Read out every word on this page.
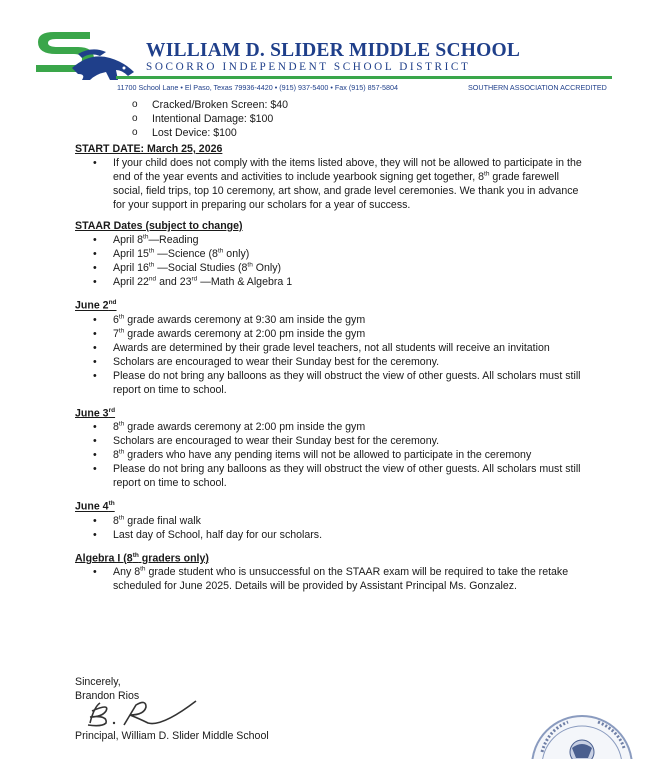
WILLIAM D. SLIDER MIDDLE SCHOOL
SOCORRO INDEPENDENT SCHOOL DISTRICT
11700 School Lane • El Paso, Texas 79936-4420 • (915) 937-5400 • Fax (915) 857-5804	SOUTHERN ASSOCIATION ACCREDITED
o Cracked/Broken Screen: $40
o Intentional Damage: $100
o Lost Device: $100

START DATE: March 25, 2026

• If your child does not comply with the items listed above, they will not be allowed to participate in the end of the year events and activities to include yearbook signing get together, 8th grade farewell social, field trips, top 10 ceremony, art show, and grade level ceremonies. We thank you in advance for your support in preparing our scholars for a year of success.

STAAR Dates (subject to change)

• April 8th—Reading
• April 15th —Science (8th only)
• April 16th —Social Studies (8th Only)
• April 22nd and 23rd —Math & Algebra 1

June 2nd

• 6th grade awards ceremony at 9:30 am inside the gym
• 7th grade awards ceremony at 2:00 pm inside the gym
• Awards are determined by their grade level teachers, not all students will receive an invitation
• Scholars are encouraged to wear their Sunday best for the ceremony.
• Please do not bring any balloons as they will obstruct the view of other guests. All scholars must still report on time to school.

June 3rd

• 8th grade awards ceremony at 2:00 pm inside the gym
• Scholars are encouraged to wear their Sunday best for the ceremony.
• 8th graders who have any pending items will not be allowed to participate in the ceremony
• Please do not bring any balloons as they will obstruct the view of other guests. All scholars must still report on time to school.

June 4th

• 8th grade final walk
• Last day of School, half day for our scholars.

Algebra I (8th graders only)

• Any 8th grade student who is unsuccessful on the STAAR exam will be required to take the retake scheduled for June 2025. Details will be provided by Assistant Principal Ms. Gonzalez.
Sincerely,
Brandon Rios
Principal, William D. Slider Middle School
